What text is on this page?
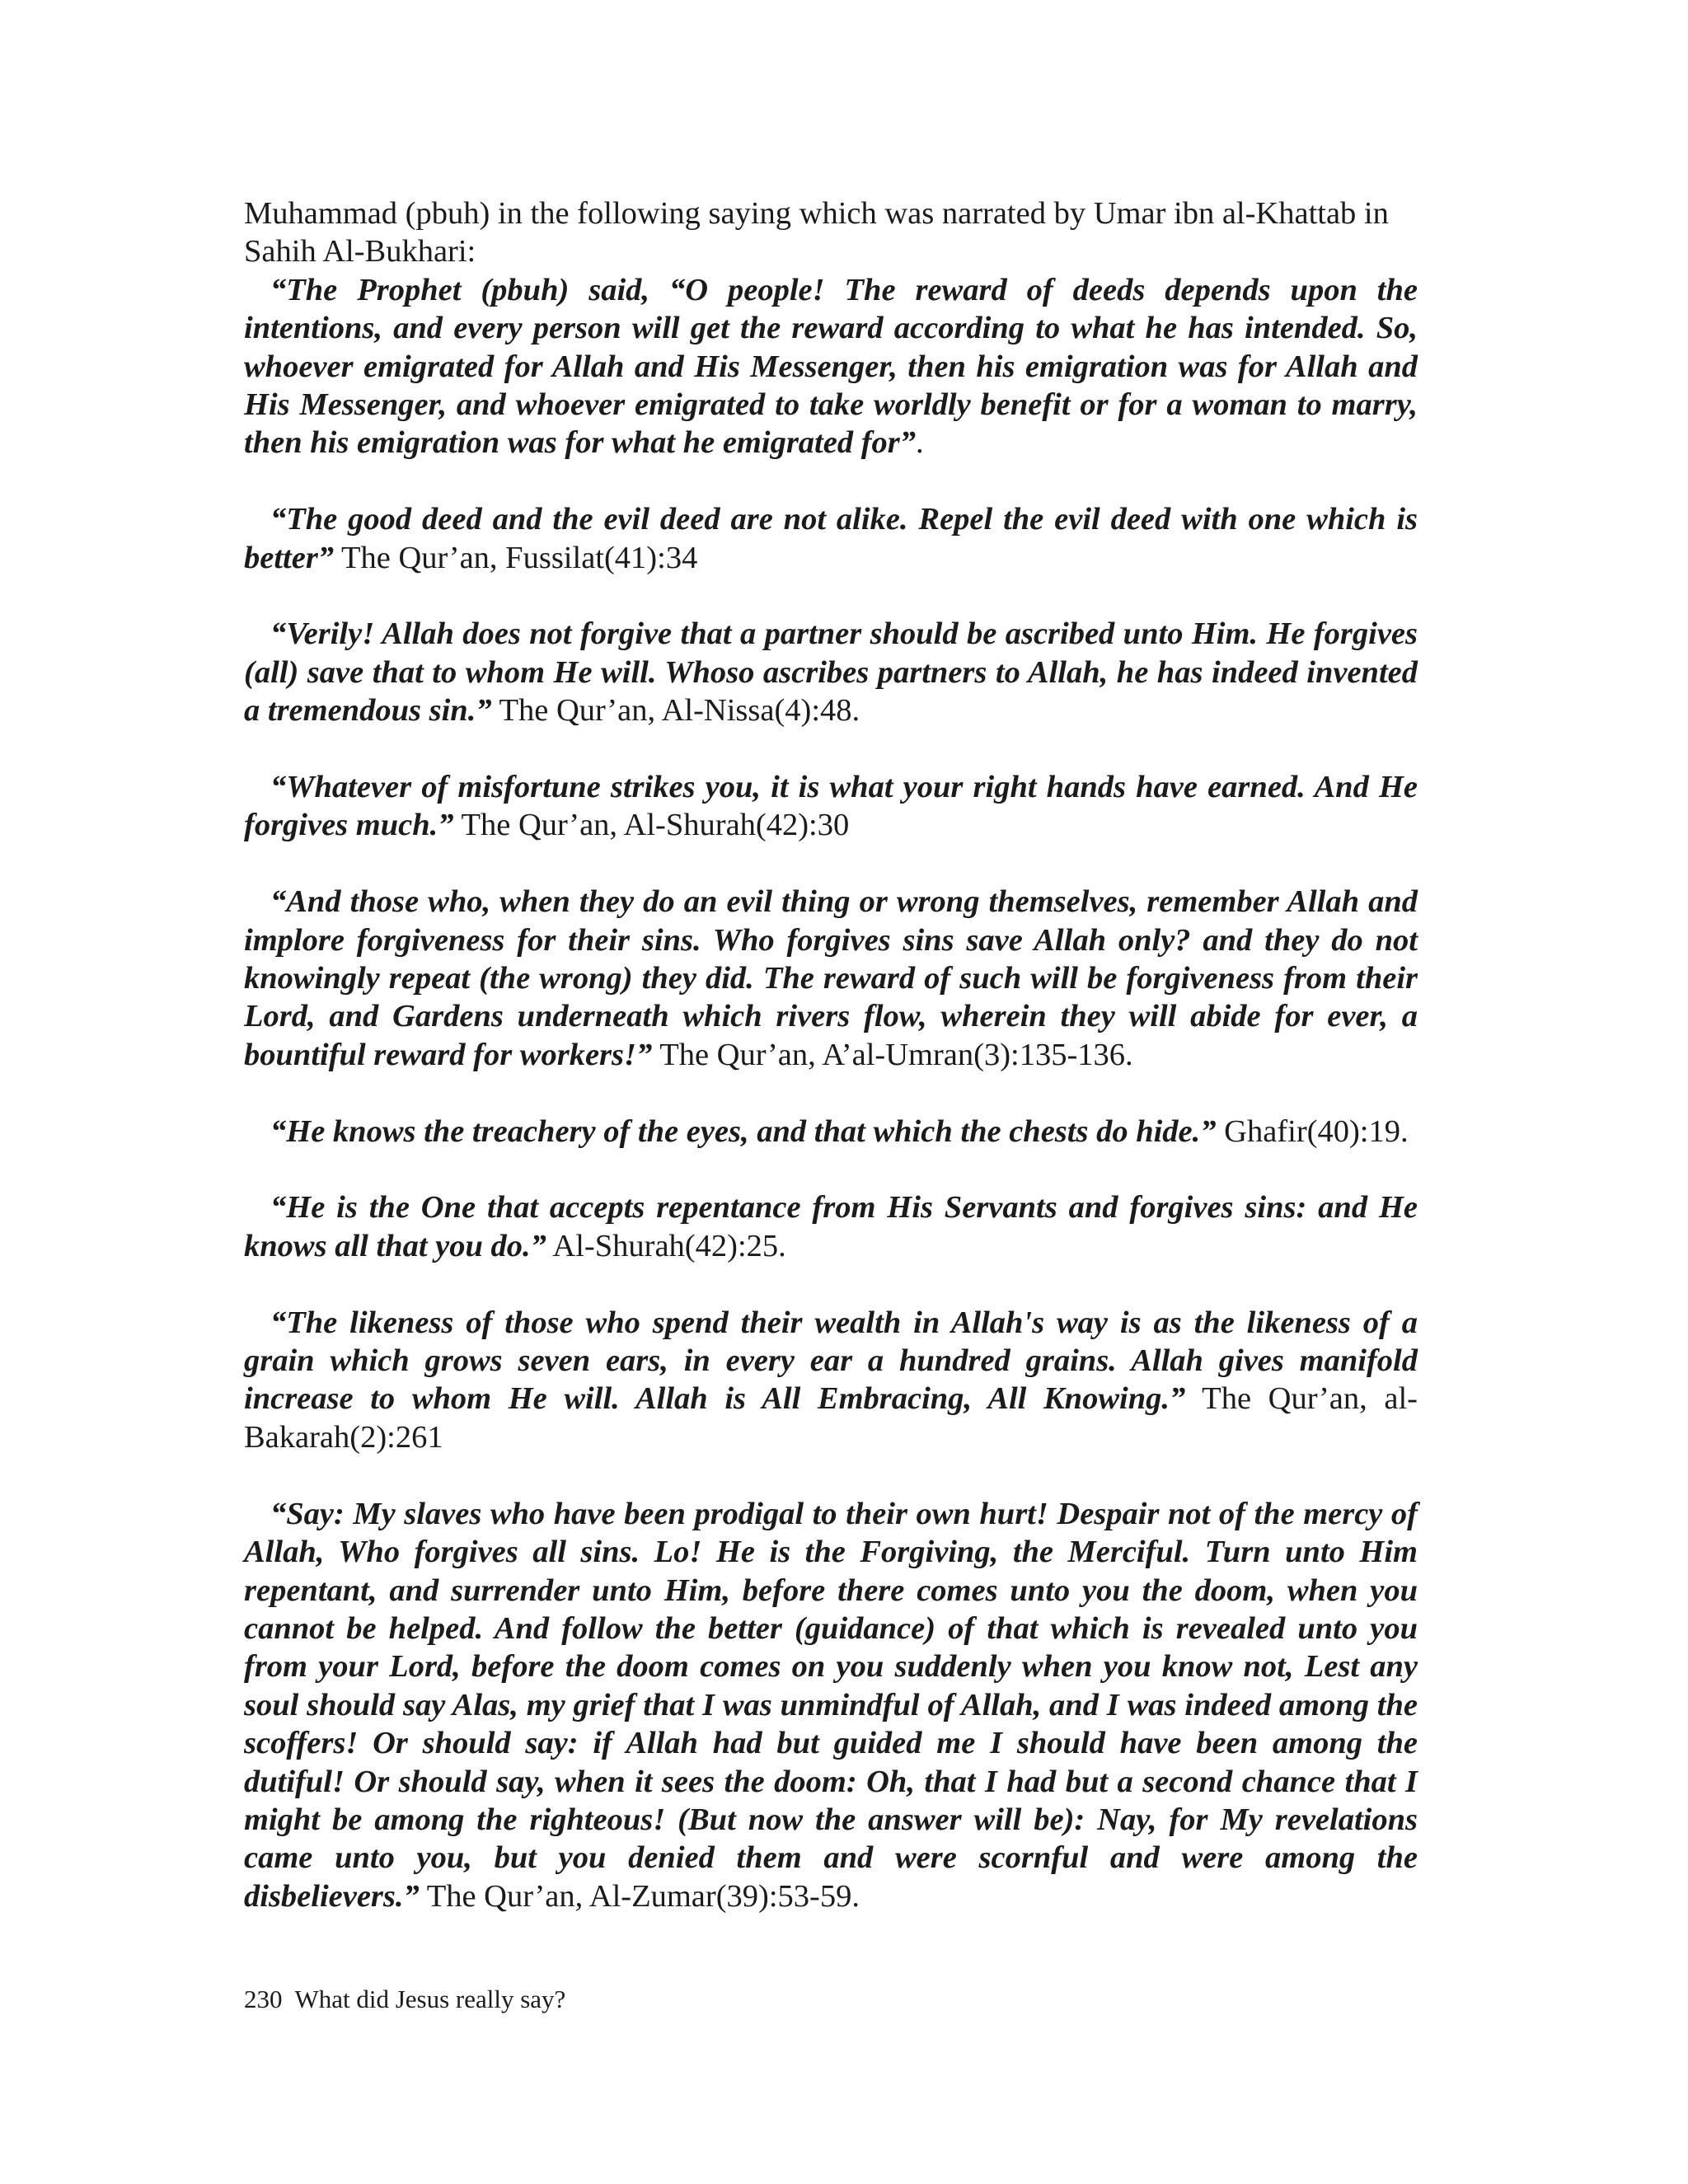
Muhammad (pbuh) in the following saying which was narrated by Umar ibn al-Khattab in Sahih Al-Bukhari:

“The Prophet (pbuh) said, “O people! The reward of deeds depends upon the intentions, and every person will get the reward according to what he has intended. So, whoever emigrated for Allah and His Messenger, then his emigration was for Allah and His Messenger, and whoever emigrated to take worldly benefit or for a woman to marry, then his emigration was for what he emigrated for”.

“The good deed and the evil deed are not alike. Repel the evil deed with one which is better” The Qur’an, Fussilat(41):34

“Verily! Allah does not forgive that a partner should be ascribed unto Him. He forgives (all) save that to whom He will. Whoso ascribes partners to Allah, he has indeed invented a tremendous sin.” The Qur’an, Al-Nissa(4):48.

“Whatever of misfortune strikes you, it is what your right hands have earned. And He forgives much.” The Qur’an, Al-Shurah(42):30

“And those who, when they do an evil thing or wrong themselves, remember Allah and implore forgiveness for their sins. Who forgives sins save Allah only? and they do not knowingly repeat (the wrong) they did. The reward of such will be forgiveness from their Lord, and Gardens underneath which rivers flow, wherein they will abide for ever, a bountiful reward for workers!” The Qur’an, A’al-Umran(3):135-136.

“He knows the treachery of the eyes, and that which the chests do hide.” Ghafir(40):19.

“He is the One that accepts repentance from His Servants and forgives sins: and He knows all that you do.” Al-Shurah(42):25.

“The likeness of those who spend their wealth in Allah's way is as the likeness of a grain which grows seven ears, in every ear a hundred grains. Allah gives manifold increase to whom He will. Allah is All Embracing, All Knowing.” The Qur’an, al-Bakarah(2):261

“Say: My slaves who have been prodigal to their own hurt! Despair not of the mercy of Allah, Who forgives all sins. Lo! He is the Forgiving, the Merciful. Turn unto Him repentant, and surrender unto Him, before there comes unto you the doom, when you cannot be helped. And follow the better (guidance) of that which is revealed unto you from your Lord, before the doom comes on you suddenly when you know not, Lest any soul should say Alas, my grief that I was unmindful of Allah, and I was indeed among the scoffers! Or should say: if Allah had but guided me I should have been among the dutiful! Or should say, when it sees the doom: Oh, that I had but a second chance that I might be among the righteous! (But now the answer will be): Nay, for My revelations came unto you, but you denied them and were scornful and were among the disbelievers.” The Qur’an, Al-Zumar(39):53-59.

230 What did Jesus really say?
